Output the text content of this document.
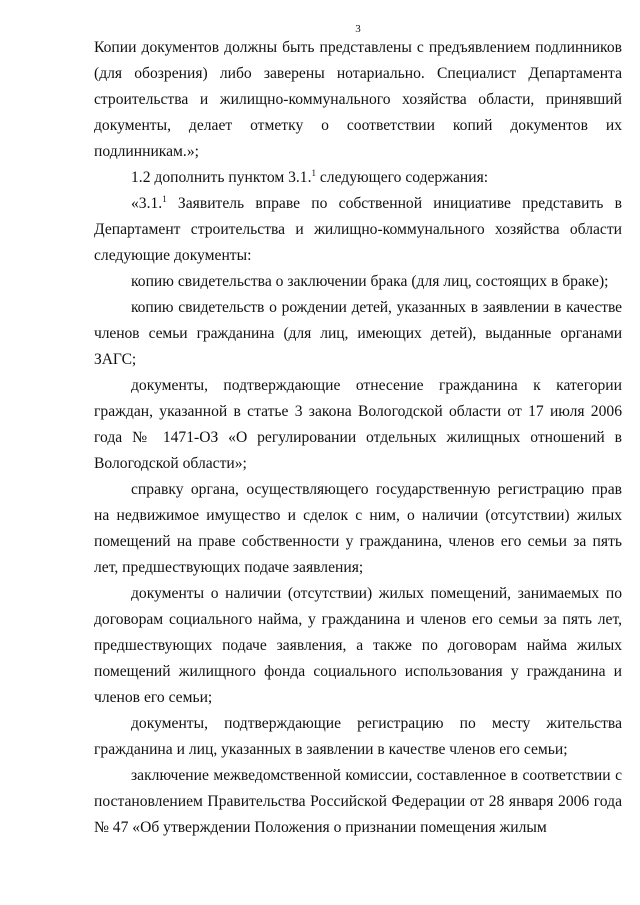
3

Копии документов должны быть представлены с предъявлением подлинников (для обозрения) либо заверены нотариально. Специалист Департамента строительства и жилищно-коммунального хозяйства области, принявший документы, делает отметку о соответствии копий документов их подлинникам.»;

1.2 дополнить пунктом 3.1.$^1$ следующего содержания:

«3.1.$^1$ Заявитель вправе по собственной инициативе представить в Департамент строительства и жилищно-коммунального хозяйства области следующие документы:

копию свидетельства о заключении брака (для лиц, состоящих в браке);

копию свидетельств о рождении детей, указанных в заявлении в качестве членов семьи гражданина (для лиц, имеющих детей), выданные органами ЗАГС;

документы, подтверждающие отнесение гражданина к категории граждан, указанной в статье 3 закона Вологодской области от 17 июля 2006 года № 1471-ОЗ «О регулировании отдельных жилищных отношений в Вологодской области»;

справку органа, осуществляющего государственную регистрацию прав на недвижимое имущество и сделок с ним, о наличии (отсутствии) жилых помещений на праве собственности у гражданина, членов его семьи за пять лет, предшествующих подаче заявления;

документы о наличии (отсутствии) жилых помещений, занимаемых по договорам социального найма, у гражданина и членов его семьи за пять лет, предшествующих подаче заявления, а также по договорам найма жилых помещений жилищного фонда социального использования у гражданина и членов его семьи;

документы, подтверждающие регистрацию по месту жительства гражданина и лиц, указанных в заявлении в качестве членов его семьи;

заключение межведомственной комиссии, составленное в соответствии с постановлением Правительства Российской Федерации от 28 января 2006 года № 47 «Об утверждении Положения о признании помещения жилым
